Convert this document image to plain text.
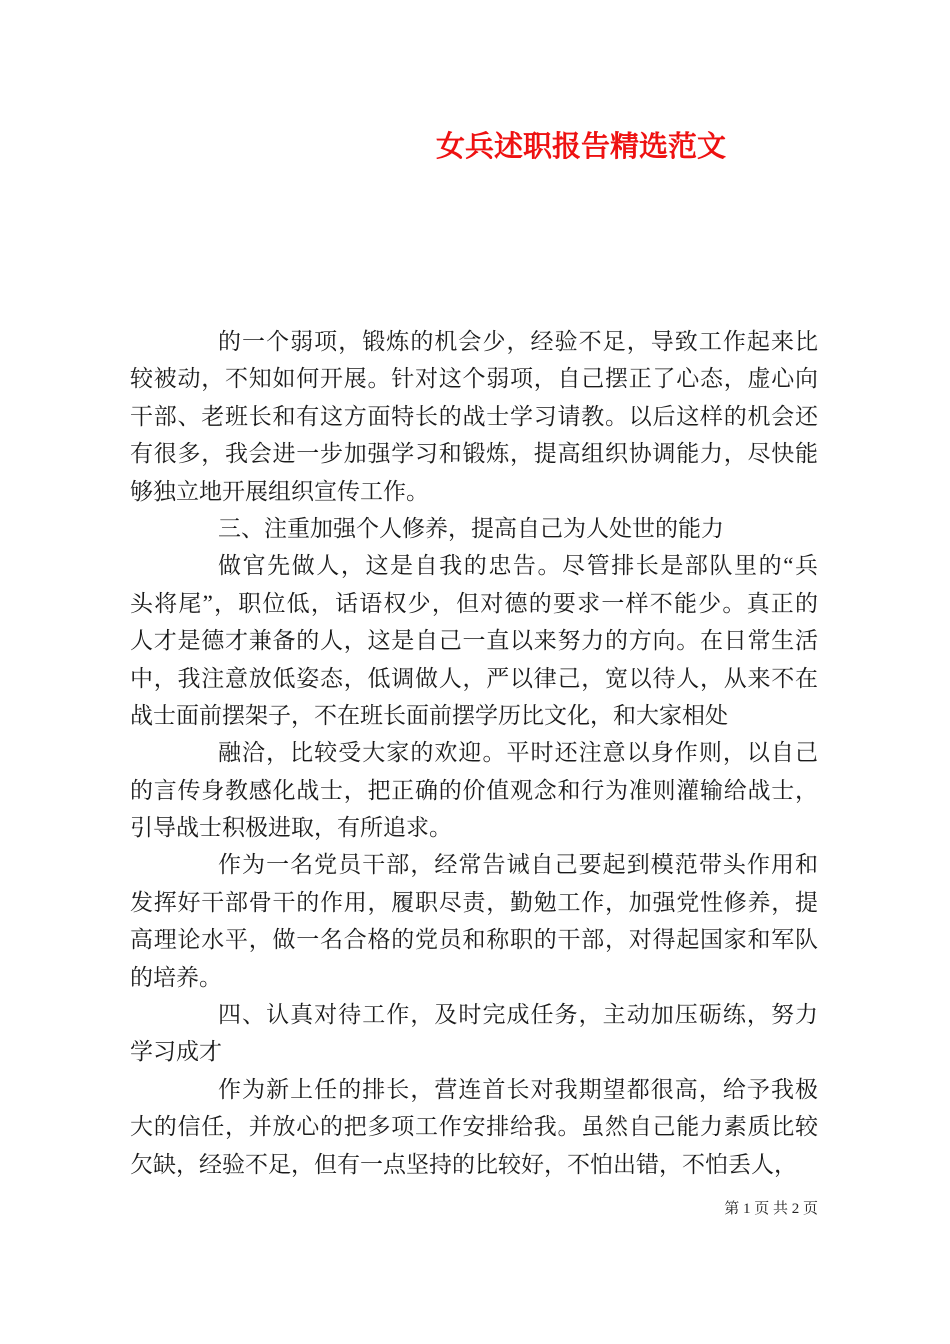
女兵述职报告精选范文
的一个弱项，锻炼的机会少，经验不足，导致工作起来比
较被动，不知如何开展。针对这个弱项，自己摆正了心态，虚心向
干部、老班长和有这方面特长的战士学习请教。以后这样的机会还
有很多，我会进一步加强学习和锻炼，提高组织协调能力，尽快能
够独立地开展组织宣传工作。
三、注重加强个人修养，提高自己为人处世的能力
做官先做人，这是自我的忠告。尽管排长是部队里的“兵
头将尾”，职位低，话语权少，但对德的要求一样不能少。真正的
人才是德才兼备的人，这是自己一直以来努力的方向。在日常生活
中，我注意放低姿态，低调做人，严以律己，宽以待人，从来不在
战士面前摆架子，不在班长面前摆学历比文化，和大家相处
融洽，比较受大家的欢迎。平时还注意以身作则，以自己
的言传身教感化战士，把正确的价值观念和行为准则灌输给战士，
引导战士积极进取，有所追求。
作为一名党员干部，经常告诫自己要起到模范带头作用和
发挥好干部骨干的作用，履职尽责，勤勉工作，加强党性修养，提
高理论水平，做一名合格的党员和称职的干部，对得起国家和军队
的培养。
四、认真对待工作，及时完成任务，主动加压砺练，努力
学习成才
作为新上任的排长，营连首长对我期望都很高，给予我极
大的信任，并放心的把多项工作安排给我。虽然自己能力素质比较
欠缺，经验不足，但有一点坚持的比较好，不怕出错，不怕丢人，
第 1 页 共 2 页
